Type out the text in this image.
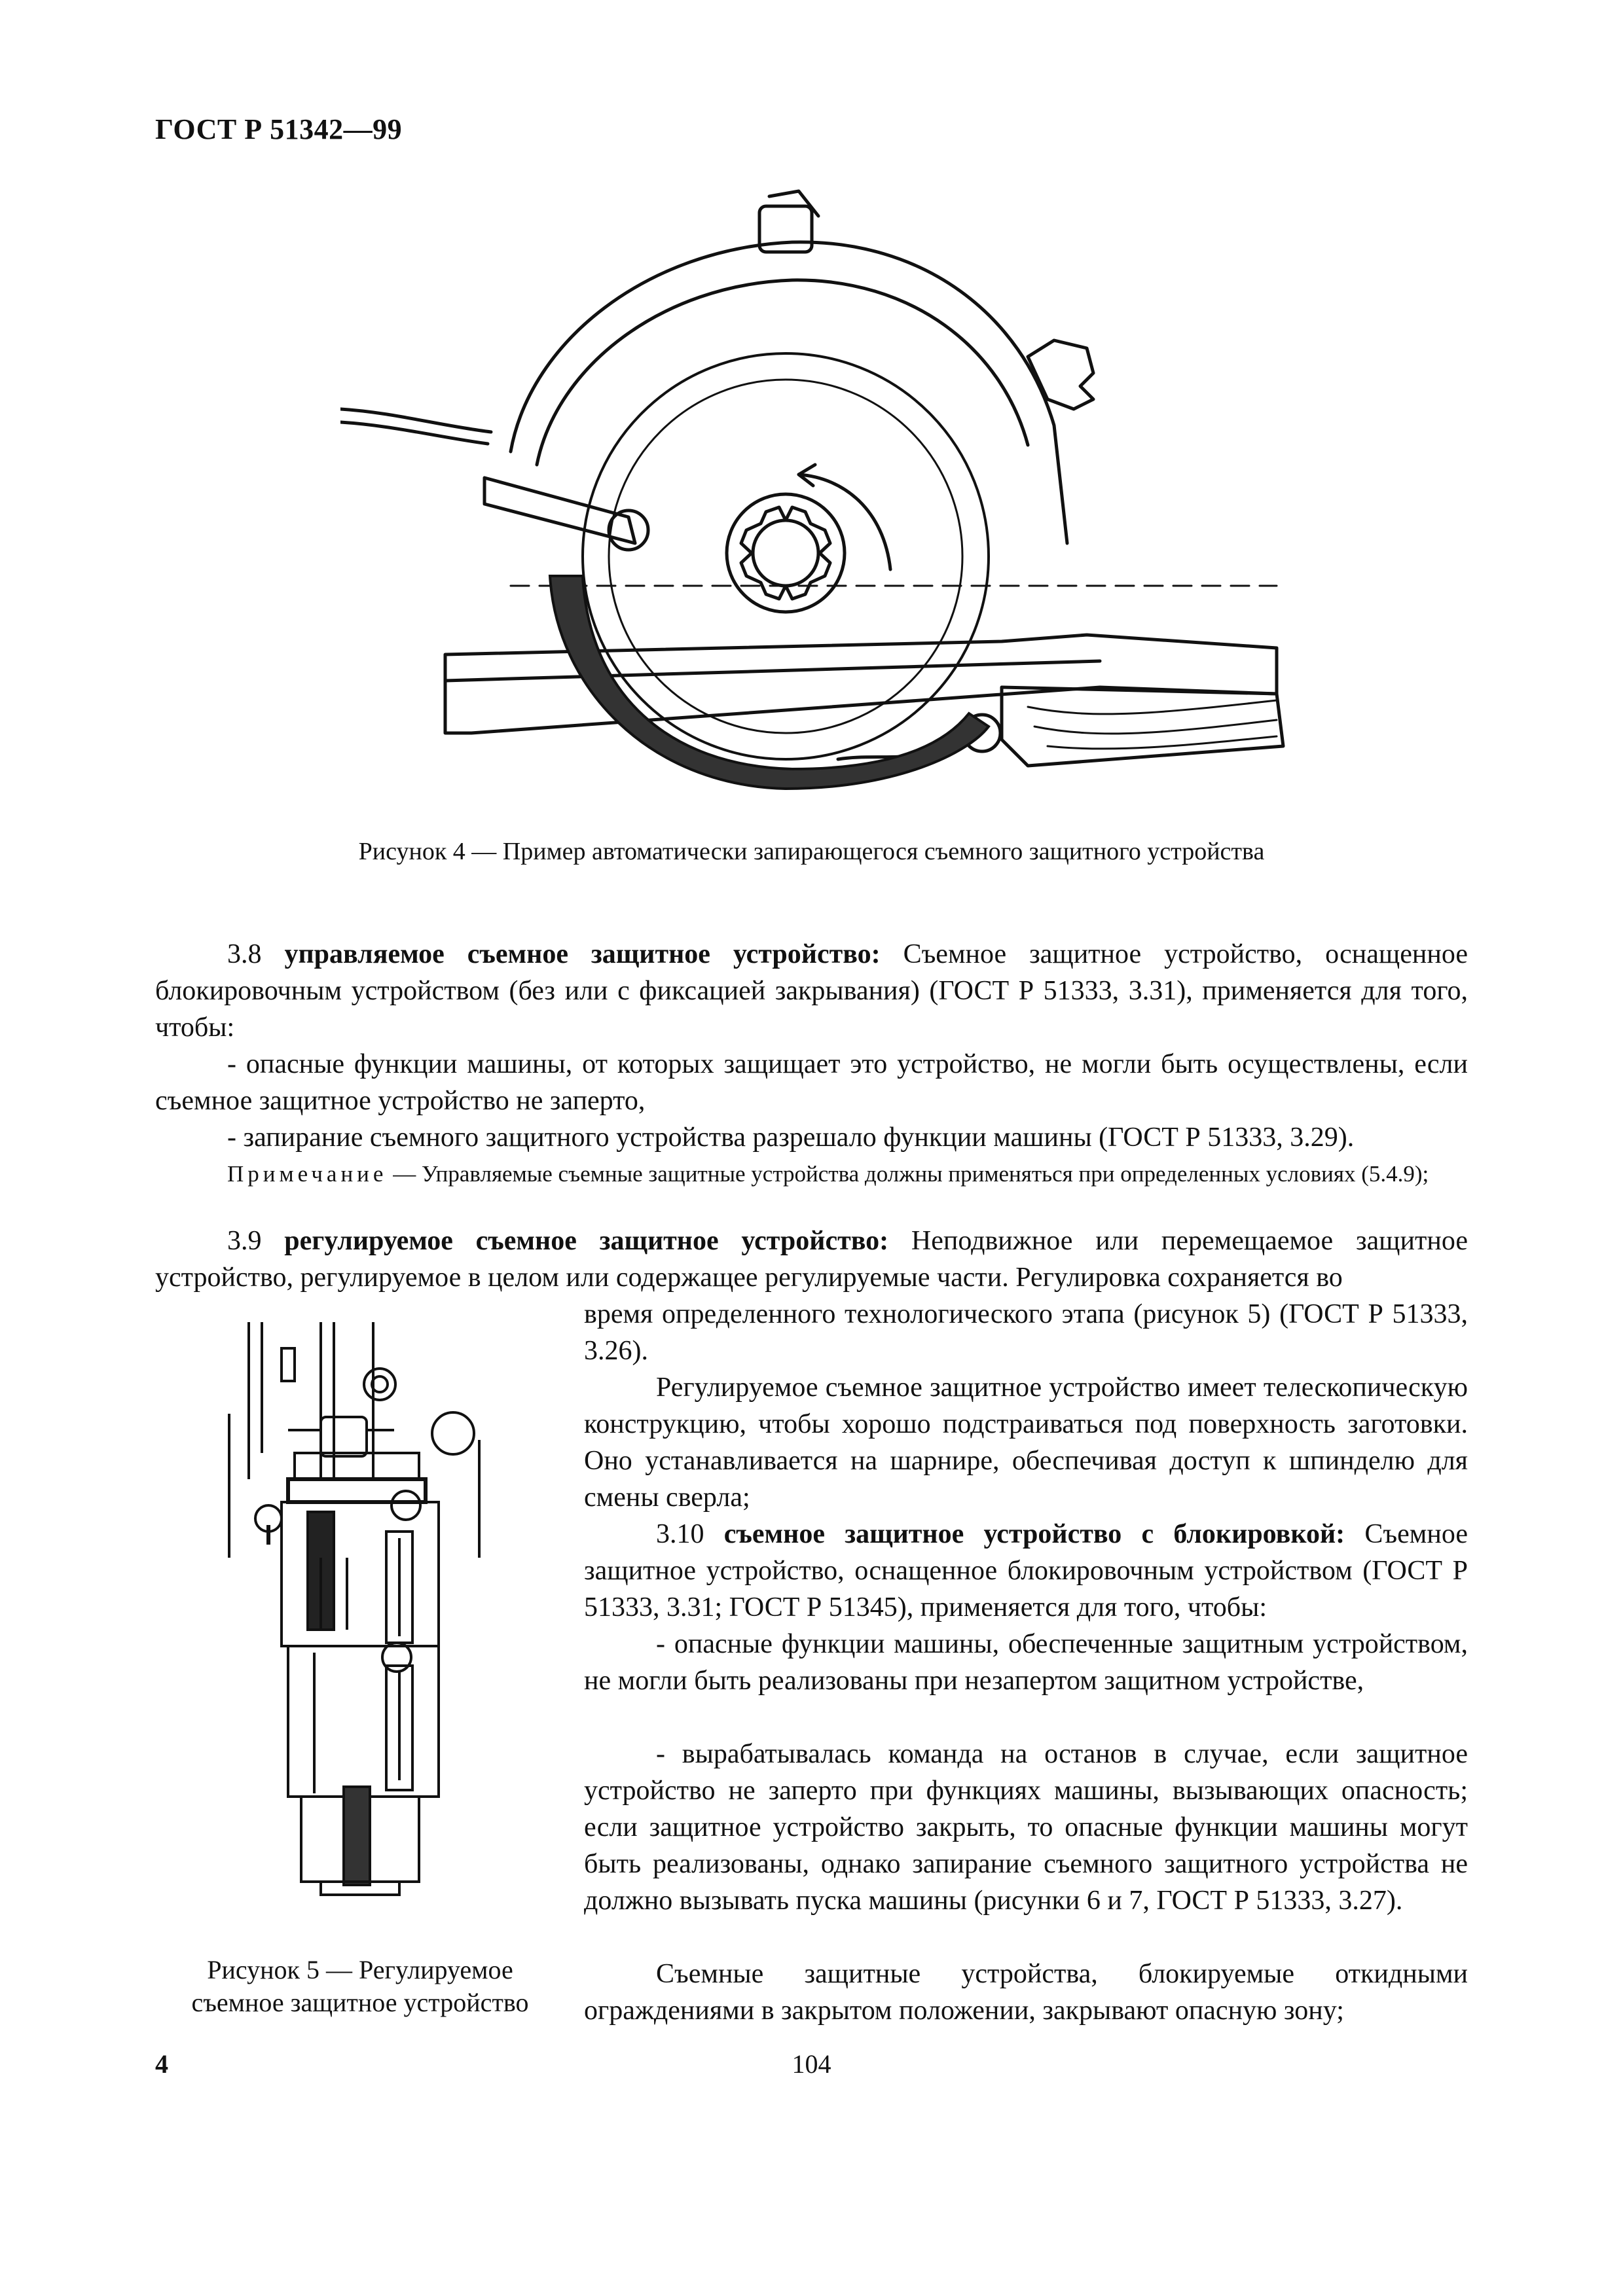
ГОСТ Р 51342—99
Рисунок 4 — Пример автоматически запирающегося съемного защитного устройства
3.8 управляемое съемное защитное устройство: Съемное защитное устройство, оснащенное блокировочным устройством (без или с фиксацией закрывания) (ГОСТ Р 51333, 3.31), применяется для того, чтобы:
- опасные функции машины, от которых защищает это устройство, не могли быть осуществлены, если съемное защитное устройство не заперто,
- запирание съемного защитного устройства разрешало функции машины (ГОСТ Р 51333, 3.29).
Примечание — Управляемые съемные защитные устройства должны применяться при определенных условиях (5.4.9);
3.9 регулируемое съемное защитное устройство: Неподвижное или перемещаемое защитное устройство, регулируемое в целом или содержащее регулируемые части. Регулировка сохраняется во
Рисунок 5 — Регулируемое
съемное защитное устройство
время определенного технологического этапа (рисунок 5) (ГОСТ Р 51333, 3.26).
Регулируемое съемное защитное устройство имеет телескопическую конструкцию, чтобы хорошо подстраиваться под поверхность заготовки. Оно устанавливается на шарнире, обеспечивая доступ к шпинделю для смены сверла;
3.10 съемное защитное устройство с блокировкой: Съемное защитное устройство, оснащенное блокировочным устройством (ГОСТ Р 51333, 3.31; ГОСТ Р 51345), применяется для того, чтобы:
- опасные функции машины, обеспеченные защитным устройством, не могли быть реализованы при незапертом защитном устройстве,
- вырабатывалась команда на останов в случае, если защитное устройство не заперто при функциях машины, вызывающих опасность; если защитное устройство закрыть, то опасные функции машины могут быть реализованы, однако запирание съемного защитного устройства не должно вызывать пуска машины (рисунки 6 и 7, ГОСТ Р 51333, 3.27).
Съемные защитные устройства, блокируемые откидными ограждениями в закрытом положении, закрывают опасную зону;
4	104
